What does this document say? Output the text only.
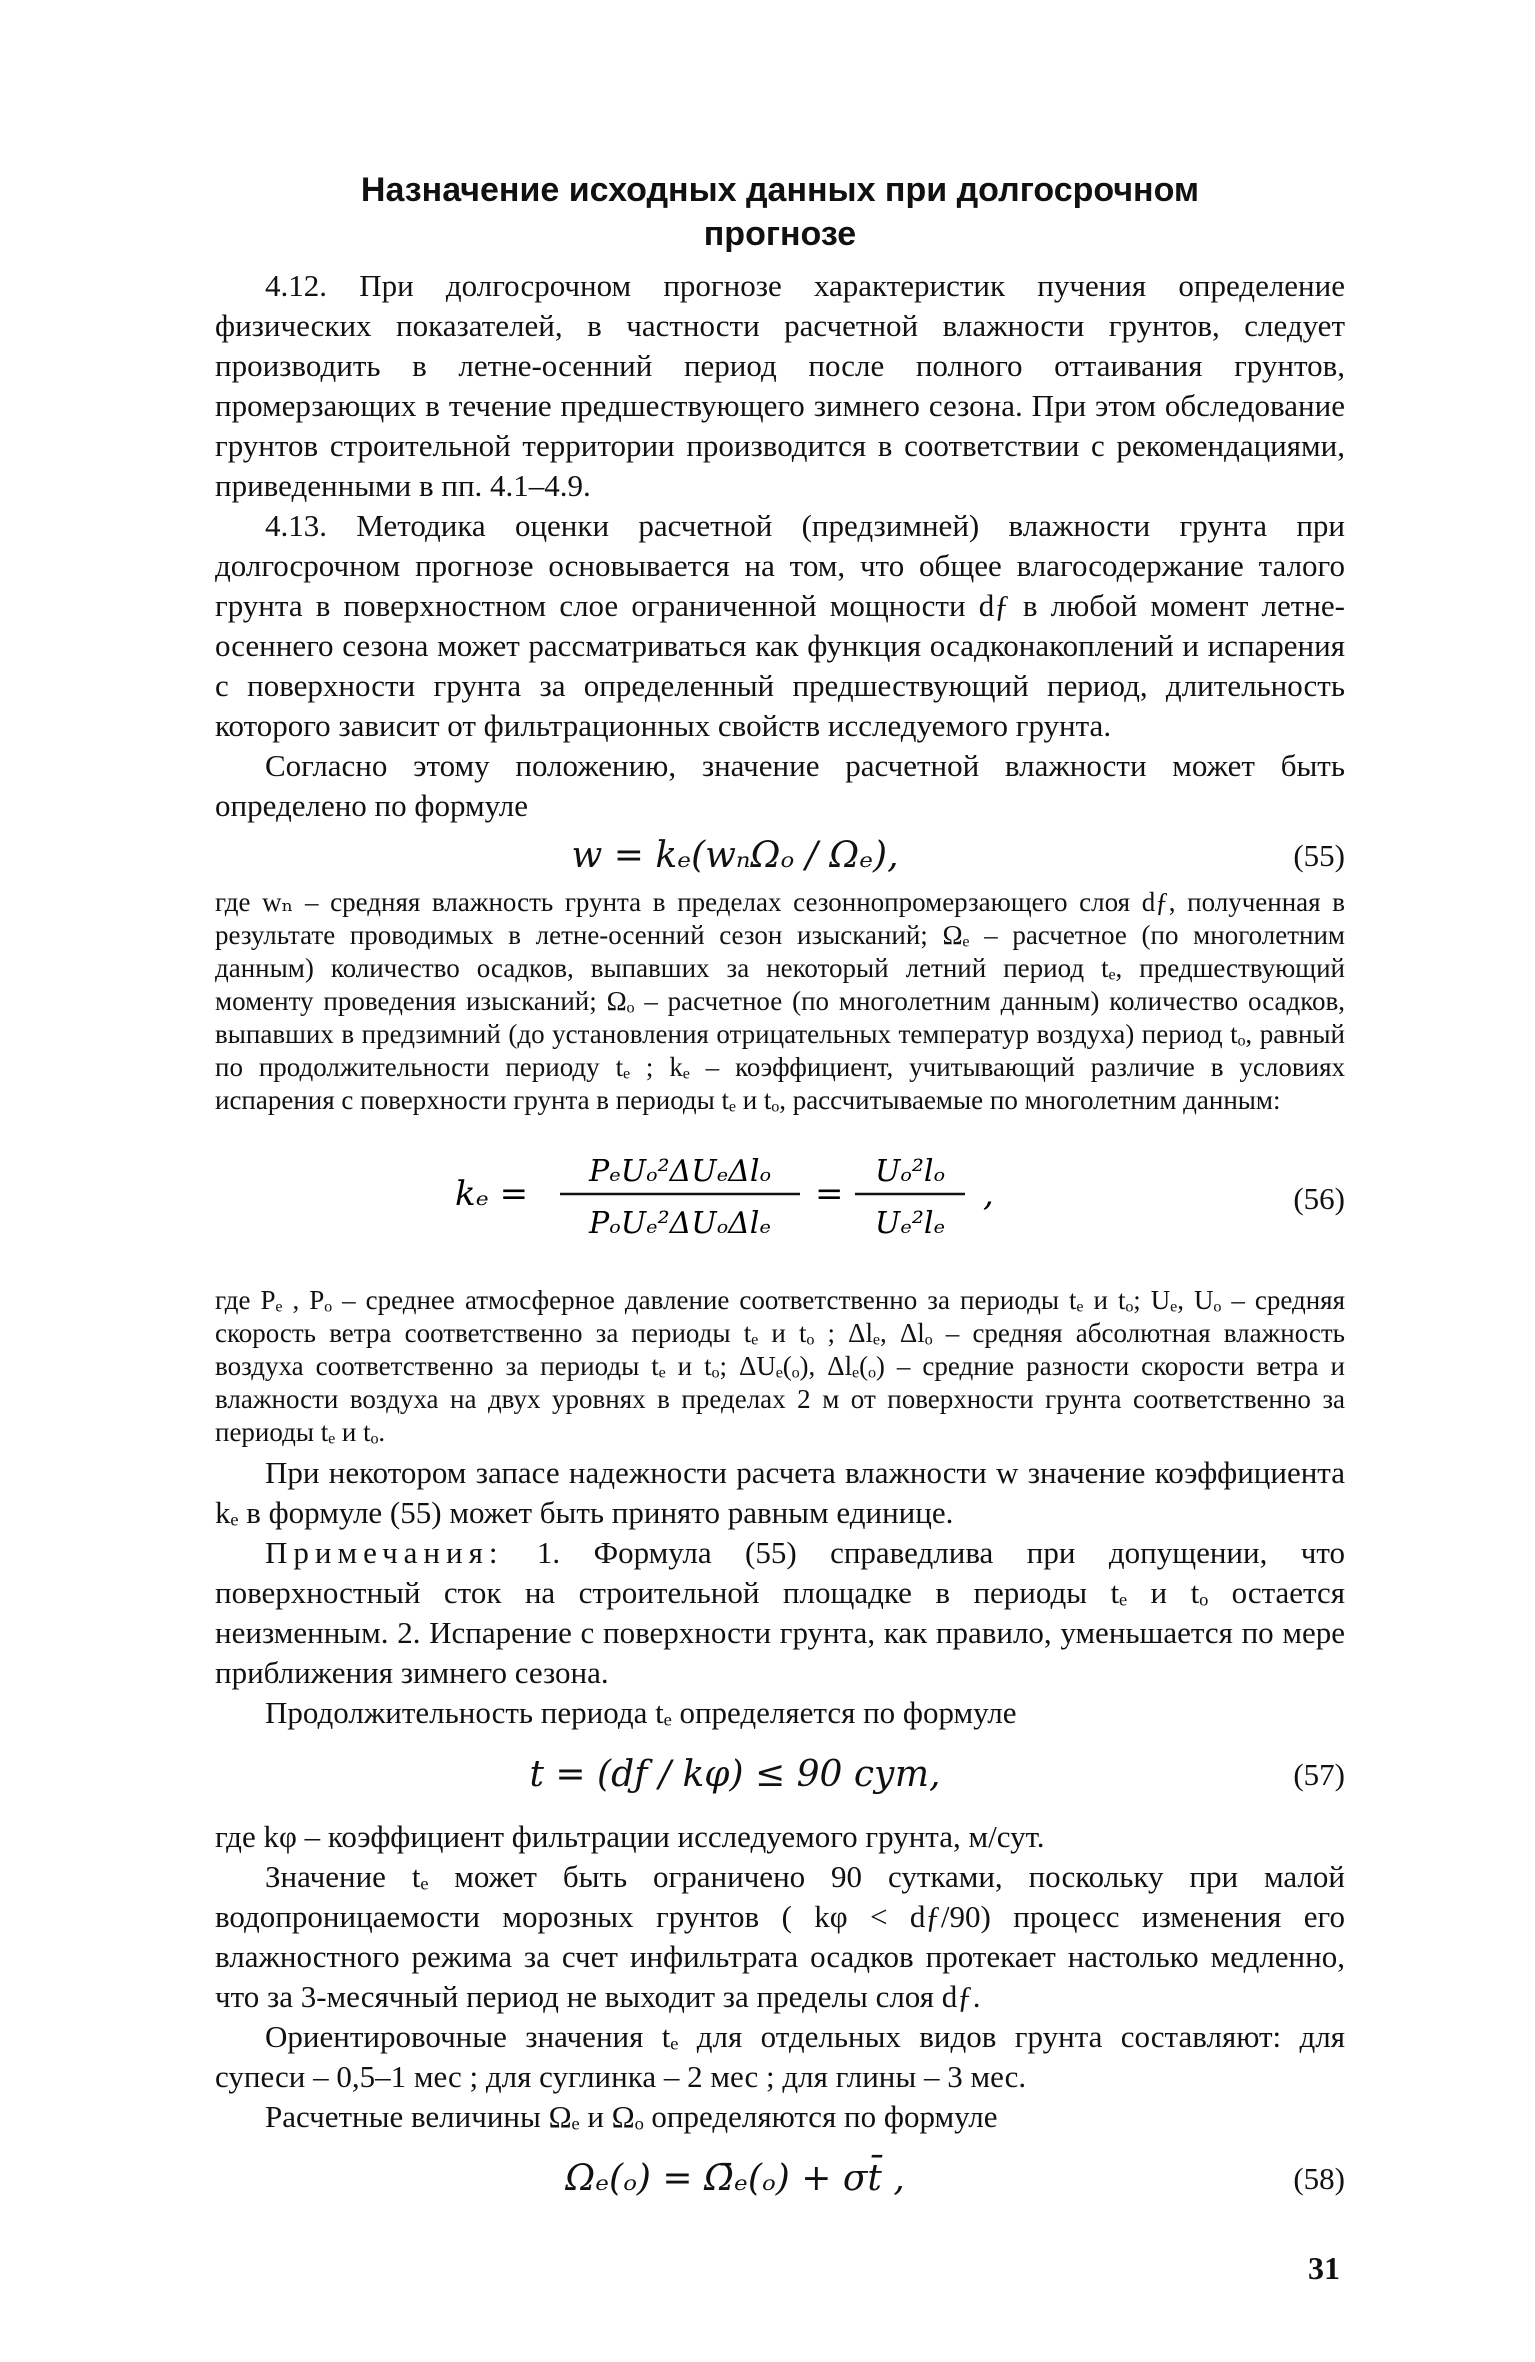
Назначение исходных данных при долгосрочном
прогнозе

4.12. При долгосрочном прогнозе характеристик пучения определение физических показателей, в частности расчетной влажности грунтов, следует производить в летне-осенний период после полного оттаивания грунтов, промерзающих в течение предшествующего зимнего сезона. При этом обследование грунтов строительной территории производится в соответствии с рекомендациями, приведенными в пп. 4.1–4.9.

4.13. Методика оценки расчетной (предзимней) влажности грунта при долгосрочном прогнозе основывается на том, что общее влагосодержание талого грунта в поверхностном слое ограниченной мощности dƒ в любой момент летне-осеннего сезона может рассматриваться как функция осадконакоплений и испарения с поверхности грунта за определенный предшествующий период, длительность которого зависит от фильтрационных свойств исследуемого грунта.

Согласно этому положению, значение расчетной влажности может быть определено по формуле

w = kₑ(wₙΩₒ / Ωₑ),	(55)

где wₙ – средняя влажность грунта в пределах сезоннопромерзающего слоя dƒ, полученная в результате проводимых в летне-осенний сезон изысканий; Ωₑ – расчетное (по многолетним данным) количество осадков, выпавших за некоторый летний период tₑ, предшествующий моменту проведения изысканий; Ωₒ – расчетное (по многолетним данным) количество осадков, выпавших в предзимний (до установления отрицательных температур воздуха) период tₒ, равный по продолжительности периоду tₑ ; kₑ – коэффициент, учитывающий различие в условиях испарения с поверхности грунта в периоды tₑ и tₒ, рассчитываемые по многолетним данным:

kₑ =
PₑUₒ²ΔUₑΔlₒ
PₒUₑ²ΔUₒΔlₑ
=
Uₒ²lₒ
Uₑ²lₑ
,	(56)

где Pₑ , Pₒ – среднее атмосферное давление соответственно за периоды tₑ и tₒ; Uₑ, Uₒ – средняя скорость ветра соответственно за периоды tₑ и tₒ ; Δlₑ, Δlₒ – средняя абсолютная влажность воздуха соответственно за периоды tₑ и tₒ; ΔUₑ(ₒ), Δlₑ(ₒ) – средние разности скорости ветра и влажности воздуха на двух уровнях в пределах 2 м от поверхности грунта соответственно за периоды tₑ и tₒ.

При некотором запасе надежности расчета влажности w значение коэффициента kₑ в формуле (55) может быть принято равным единице.

Примечания: 1. Формула (55) справедлива при допущении, что поверхностный сток на строительной площадке в периоды tₑ и tₒ остается неизменным. 2. Испарение с поверхности грунта, как правило, уменьшается по мере приближения зимнего сезона.

Продолжительность периода tₑ определяется по формуле

t = (dƒ / kφ) ≤ 90 сут,	(57)

где kφ – коэффициент фильтрации исследуемого грунта, м/сут.

Значение tₑ может быть ограничено 90 сутками, поскольку при малой водопроницаемости морозных грунтов ( kφ < dƒ/90) процесс изменения его влажностного режима за счет инфильтрата осадков протекает настолько медленно, что за 3-месячный период не выходит за пределы слоя dƒ.

Ориентировочные значения tₑ для отдельных видов грунта составляют: для супеси – 0,5–1 мес ; для суглинка – 2 мес ; для глины – 3 мес.

Расчетные величины Ωₑ и Ωₒ определяются по формуле

Ωₑ(ₒ) = Ω̄ₑ(ₒ) + σt̄ ,	(58)
31
